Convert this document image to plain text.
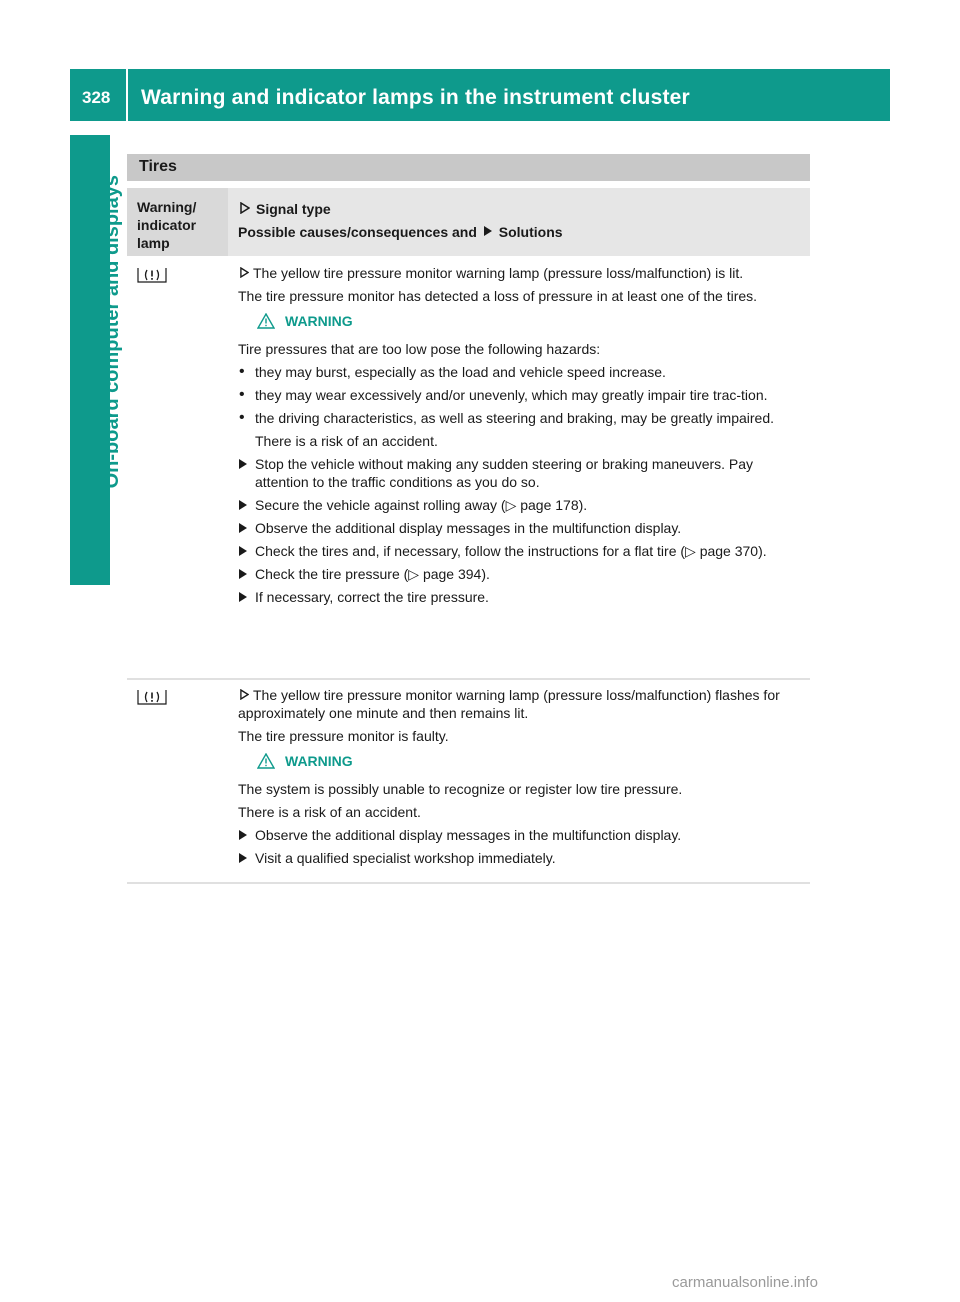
328 Warning and indicator lamps in the instrument cluster
On-board computer and displays
Tires
Warning/ indicator lamp
Signal type
Possible causes/consequences and Solutions

The yellow tire pressure monitor warning lamp (pressure loss/malfunction) is lit.

The tire pressure monitor has detected a loss of pressure in at least one of the tires.

WARNING

Tire pressures that are too low pose the following hazards:

• they may burst, especially as the load and vehicle speed increase.

• they may wear excessively and/or unevenly, which may greatly impair tire trac-tion.

• the driving characteristics, as well as steering and braking, may be greatly impaired.

There is a risk of an accident.

Stop the vehicle without making any sudden steering or braking maneuvers. Pay attention to the traffic conditions as you do so.

Secure the vehicle against rolling away (▷ page 178).

Observe the additional display messages in the multifunction display.

Check the tires and, if necessary, follow the instructions for a flat tire (▷ page 370).

Check the tire pressure (▷ page 394).

If necessary, correct the tire pressure.

The yellow tire pressure monitor warning lamp (pressure loss/malfunction) flashes for approximately one minute and then remains lit.

The tire pressure monitor is faulty.

WARNING

The system is possibly unable to recognize or register low tire pressure.

There is a risk of an accident.

Observe the additional display messages in the multifunction display.

Visit a qualified specialist workshop immediately.

carmanualsonline.info
